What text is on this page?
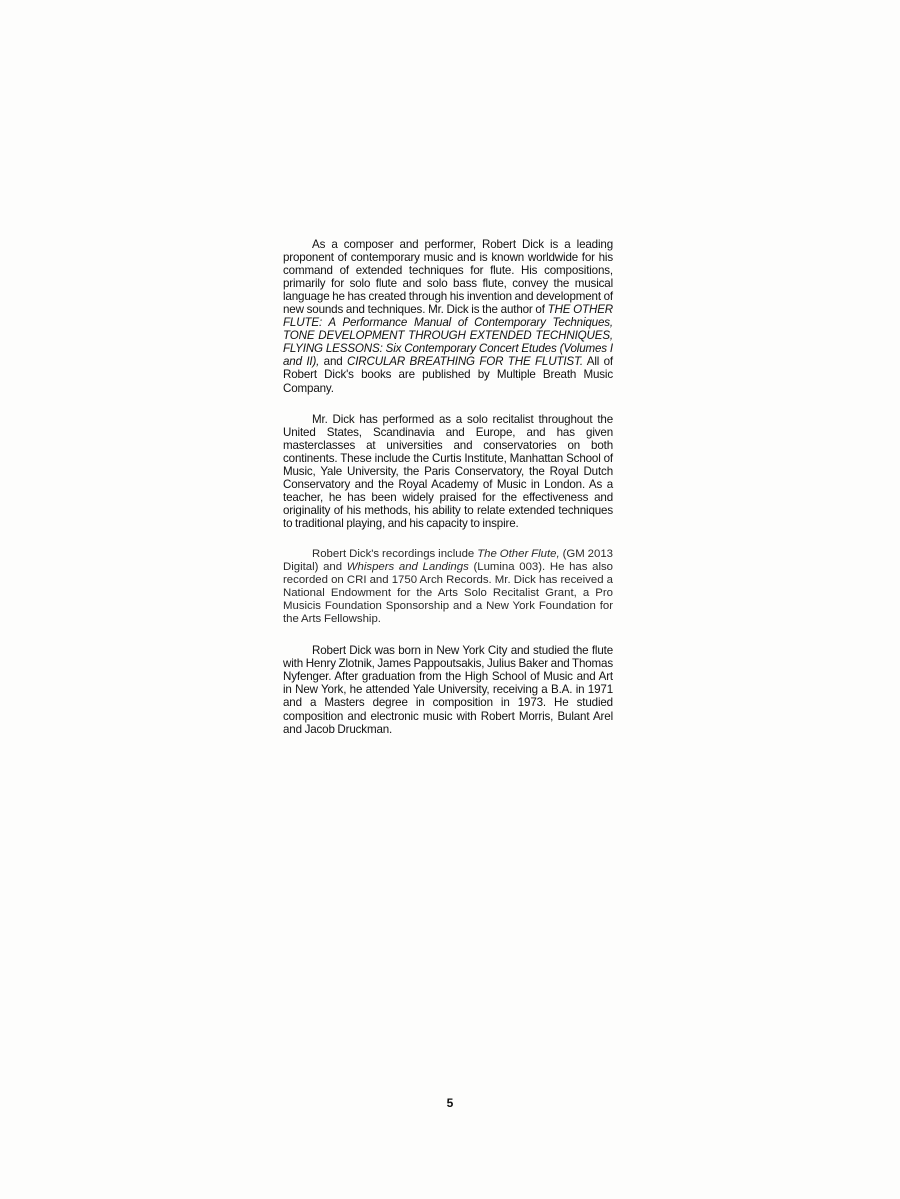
As a composer and performer, Robert Dick is a leading proponent of contemporary music and is known worldwide for his command of extended techniques for flute. His compositions, primarily for solo flute and solo bass flute, convey the musical language he has created through his invention and development of new sounds and techniques. Mr. Dick is the author of THE OTHER FLUTE: A Performance Manual of Contemporary Techniques, TONE DEVELOPMENT THROUGH EXTENDED TECHNIQUES, FLYING LESSONS: Six Contemporary Concert Etudes (Volumes I and II), and CIRCULAR BREATHING FOR THE FLUTIST. All of Robert Dick's books are published by Multiple Breath Music Company.

Mr. Dick has performed as a solo recitalist throughout the United States, Scandinavia and Europe, and has given masterclasses at universities and conservatories on both continents. These include the Curtis Institute, Manhattan School of Music, Yale University, the Paris Conservatory, the Royal Dutch Conservatory and the Royal Academy of Music in London. As a teacher, he has been widely praised for the effectiveness and originality of his methods, his ability to relate extended techniques to traditional playing, and his capacity to inspire.

Robert Dick's recordings include The Other Flute, (GM 2013 Digital) and Whispers and Landings (Lumina 003). He has also recorded on CRI and 1750 Arch Records. Mr. Dick has received a National Endowment for the Arts Solo Recitalist Grant, a Pro Musicis Foundation Sponsorship and a New York Foundation for the Arts Fellowship.

Robert Dick was born in New York City and studied the flute with Henry Zlotnik, James Pappoutsakis, Julius Baker and Thomas Nyfenger. After graduation from the High School of Music and Art in New York, he attended Yale University, receiving a B.A. in 1971 and a Masters degree in composition in 1973. He studied composition and electronic music with Robert Morris, Bulant Arel and Jacob Druckman.

5
